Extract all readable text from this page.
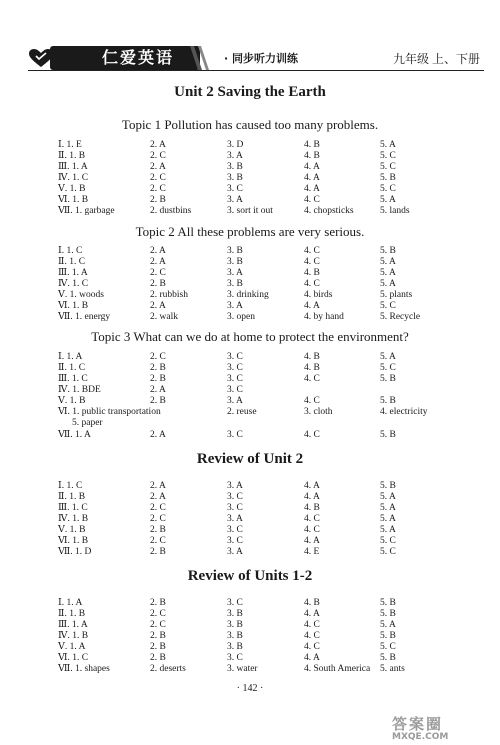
仁爱英语	· 同步听力训练	九年级 上、下册
Unit 2 Saving the Earth
Topic 1 Pollution has caused too many problems.
Ⅰ. 1. E	2. A	3. D	4. B	5. A
Ⅱ. 1. B	2. C	3. A	4. B	5. C
Ⅲ. 1. A	2. A	3. B	4. A	5. C
Ⅳ. 1. C	2. C	3. B	4. A	5. B
Ⅴ. 1. B	2. C	3. C	4. A	5. C
Ⅵ. 1. B	2. B	3. A	4. C	5. A
Ⅶ. 1. garbage	2. dustbins	3. sort it out	4. chopsticks	5. lands
Topic 2 All these problems are very serious.
Ⅰ. 1. C	2. A	3. B	4. C	5. B
Ⅱ. 1. C	2. A	3. B	4. C	5. A
Ⅲ. 1. A	2. C	3. A	4. B	5. A
Ⅳ. 1. C	2. B	3. B	4. C	5. A
Ⅴ. 1. woods	2. rubbish	3. drinking	4. birds	5. plants
Ⅵ. 1. B	2. A	3. A	4. A	5. C
Ⅶ. 1. energy	2. walk	3. open	4. by hand	5. Recycle
Topic 3 What can we do at home to protect the environment?
Ⅰ. 1. A	2. C	3. C	4. B	5. A
Ⅱ. 1. C	2. B	3. C	4. B	5. C
Ⅲ. 1. C	2. B	3. C	4. C	5. B
Ⅳ. 1. BDE	2. A	3. C
Ⅴ. 1. B	2. B	3. A	4. C	5. B
Ⅵ. 1. public transportation	2. reuse	3. cloth	4. electricity
5. paper
Ⅶ. 1. A	2. A	3. C	4. C	5. B
Review of Unit 2
Ⅰ. 1. C	2. A	3. A	4. A	5. B
Ⅱ. 1. B	2. A	3. C	4. A	5. A
Ⅲ. 1. C	2. C	3. C	4. B	5. A
Ⅳ. 1. B	2. C	3. A	4. C	5. A
Ⅴ. 1. B	2. B	3. C	4. C	5. A
Ⅵ. 1. B	2. C	3. C	4. A	5. C
Ⅶ. 1. D	2. B	3. A	4. E	5. C
Review of Units 1-2
Ⅰ. 1. A	2. B	3. C	4. B	5. B
Ⅱ. 1. B	2. C	3. B	4. A	5. B
Ⅲ. 1. A	2. C	3. B	4. C	5. A
Ⅳ. 1. B	2. B	3. B	4. C	5. B
Ⅴ. 1. A	2. B	3. B	4. C	5. C
Ⅵ. 1. C	2. B	3. C	4. A	5. B
Ⅶ. 1. shapes	2. deserts	3. water	4. South America 5. ants
· 142 ·
答案圈
MXQE.COM
